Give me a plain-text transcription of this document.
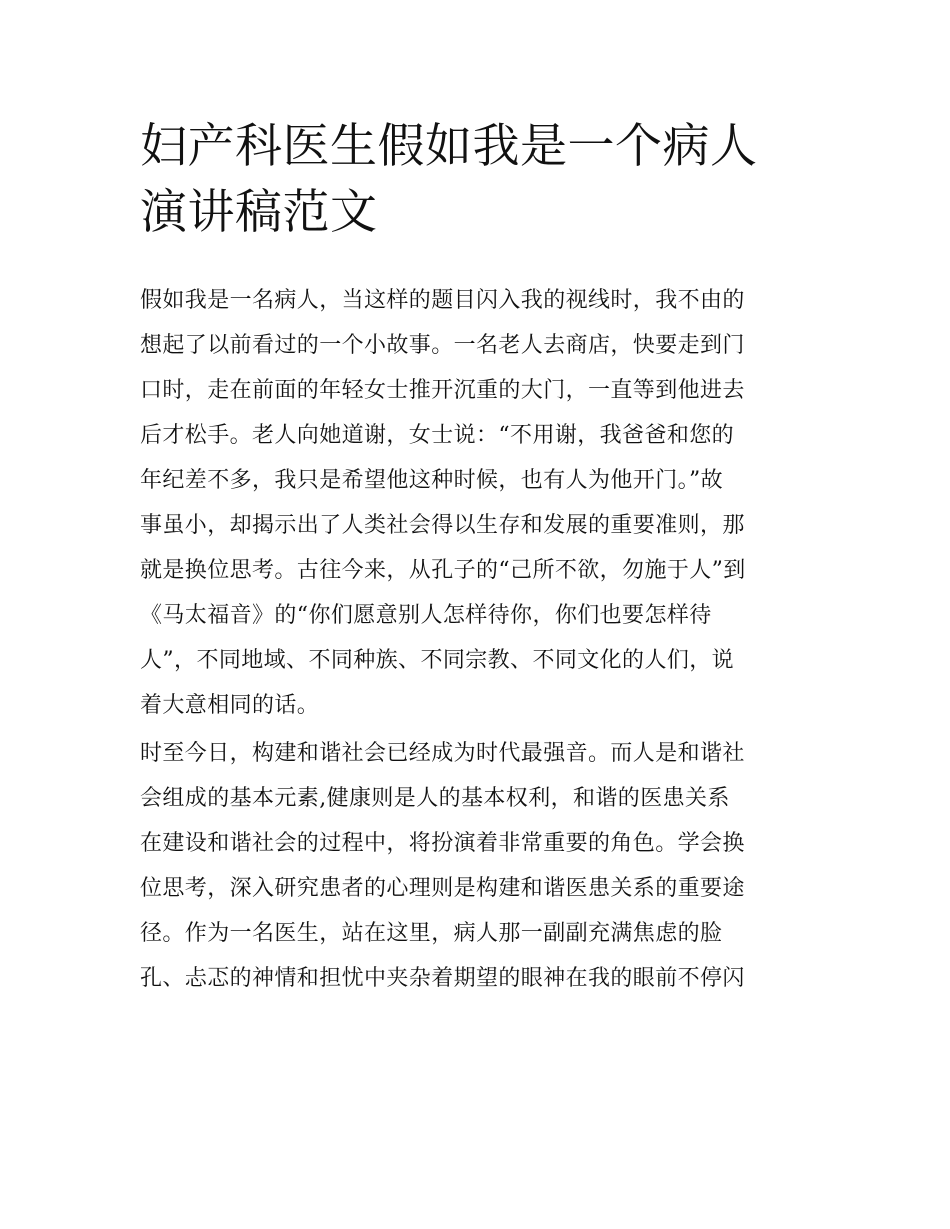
妇产科医生假如我是一个病人
演讲稿范文
假如我是一名病人，当这样的题目闪入我的视线时，我不由的
想起了以前看过的一个小故事。一名老人去商店，快要走到门
口时，走在前面的年轻女士推开沉重的大门，一直等到他进去
后才松手。老人向她道谢，女士说：“不用谢，我爸爸和您的
年纪差不多，我只是希望他这种时候，也有人为他开门。”故
事虽小，却揭示出了人类社会得以生存和发展的重要准则，那
就是换位思考。古往今来，从孔子的“己所不欲，勿施于人”到
《马太福音》的“你们愿意别人怎样待你，你们也要怎样待
人”，不同地域、不同种族、不同宗教、不同文化的人们，说
着大意相同的话。
时至今日，构建和谐社会已经成为时代最强音。而人是和谐社
会组成的基本元素,健康则是人的基本权利，和谐的医患关系
在建设和谐社会的过程中，将扮演着非常重要的角色。学会换
位思考，深入研究患者的心理则是构建和谐医患关系的重要途
径。作为一名医生，站在这里，病人那一副副充满焦虑的脸
孔、忐忑的神情和担忧中夹杂着期望的眼神在我的眼前不停闪
